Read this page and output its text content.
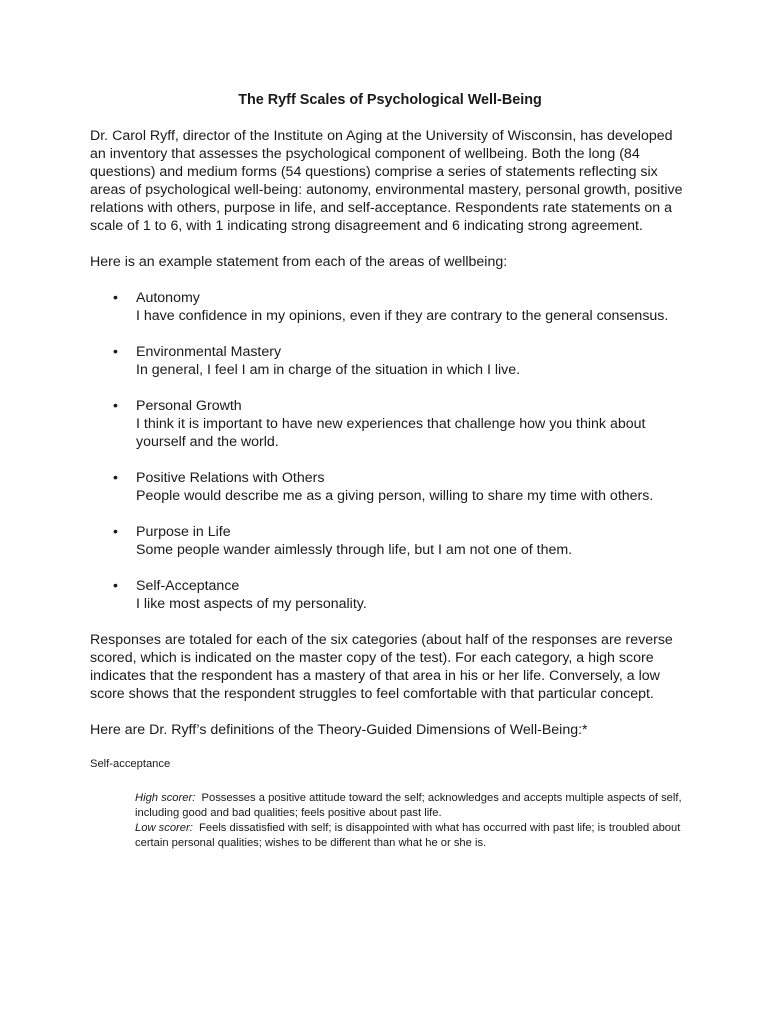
The Ryff Scales of Psychological Well-Being
Dr. Carol Ryff, director of the Institute on Aging at the University of Wisconsin, has developed an inventory that assesses the psychological component of wellbeing. Both the long (84 questions) and medium forms (54 questions) comprise a series of statements reflecting six areas of psychological well-being: autonomy, environmental mastery, personal growth, positive relations with others, purpose in life, and self-acceptance. Respondents rate statements on a scale of 1 to 6, with 1 indicating strong disagreement and 6 indicating strong agreement.
Here is an example statement from each of the areas of wellbeing:
• Autonomy
I have confidence in my opinions, even if they are contrary to the general consensus.
• Environmental Mastery
In general, I feel I am in charge of the situation in which I live.
• Personal Growth
I think it is important to have new experiences that challenge how you think about yourself and the world.
• Positive Relations with Others
People would describe me as a giving person, willing to share my time with others.
• Purpose in Life
Some people wander aimlessly through life, but I am not one of them.
• Self-Acceptance
I like most aspects of my personality.
Responses are totaled for each of the six categories (about half of the responses are reverse scored, which is indicated on the master copy of the test). For each category, a high score indicates that the respondent has a mastery of that area in his or her life. Conversely, a low score shows that the respondent struggles to feel comfortable with that particular concept.
Here are Dr. Ryff’s definitions of the Theory-Guided Dimensions of Well-Being:*
Self-acceptance
High scorer: Possesses a positive attitude toward the self; acknowledges and accepts multiple aspects of self, including good and bad qualities; feels positive about past life.
Low scorer: Feels dissatisfied with self; is disappointed with what has occurred with past life; is troubled about certain personal qualities; wishes to be different than what he or she is.
